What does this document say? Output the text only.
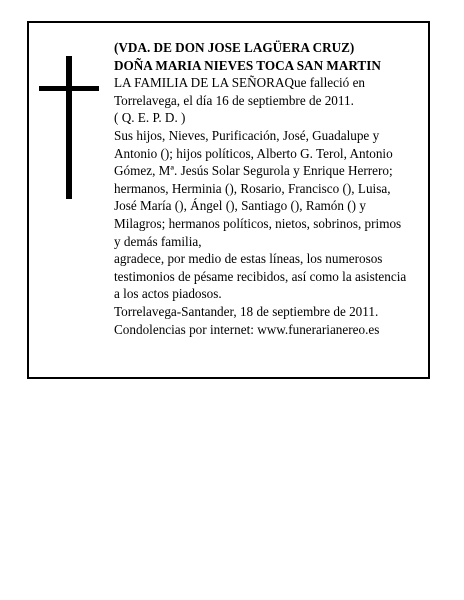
(VDA. DE DON JOSE LAGÜERA CRUZ)
DOÑA MARIA NIEVES TOCA SAN MARTIN
LA FAMILIA DE LA SEÑORAQue falleció en
Torrelavega, el día 16 de septiembre de 2011.
( Q. E. P. D. )
Sus hijos, Nieves, Purificación, José, Guadalupe y
Antonio (); hijos políticos, Alberto G. Terol, Antonio
Gómez, Mª. Jesús Solar Segurola y Enrique Herrero;
hermanos, Herminia (), Rosario, Francisco (), Luisa,
José María (), Ángel (), Santiago (), Ramón () y
Milagros; hermanos políticos, nietos, sobrinos, primos
y demás familia,
agradece, por medio de estas líneas, los numerosos
testimonios de pésame recibidos, así como la asistencia
a los actos piadosos.
Torrelavega-Santander, 18 de septiembre de 2011.
Condolencias por internet: www.funerarianereo.es
